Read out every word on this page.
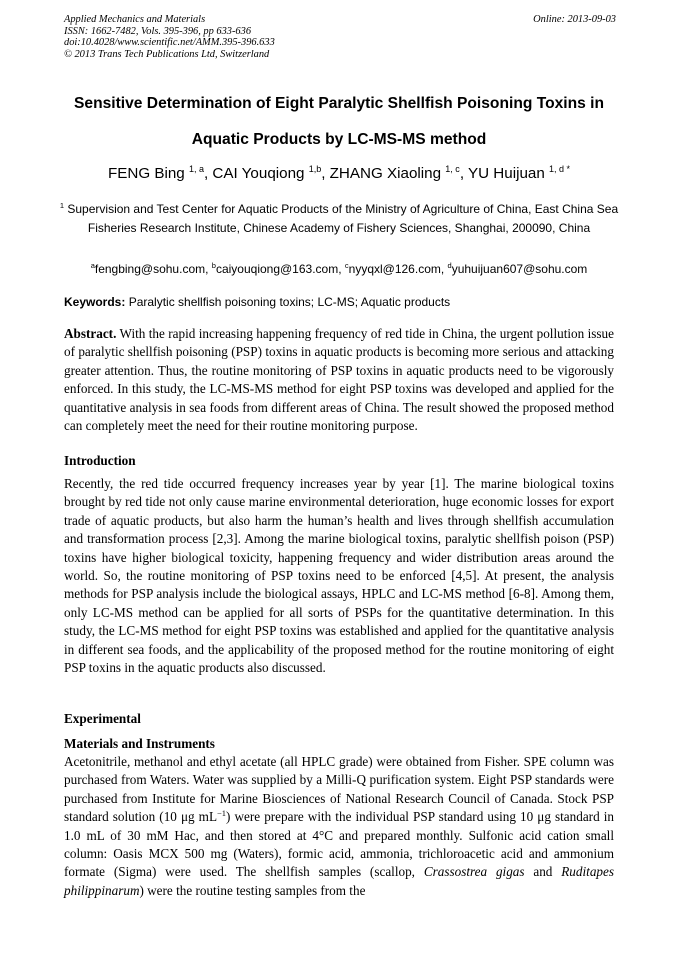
Applied Mechanics and Materials
ISSN: 1662-7482, Vols. 395-396, pp 633-636
doi:10.4028/www.scientific.net/AMM.395-396.633
© 2013 Trans Tech Publications Ltd, Switzerland
Online: 2013-09-03
Sensitive Determination of Eight Paralytic Shellfish Poisoning Toxins in
Aquatic Products by LC-MS-MS method
FENG Bing $^{1, a}$, CAI Youqiong $^{1,b}$, ZHANG Xiaoling $^{1, c}$, YU Huijuan $^{1, d *}$
$^1$ Supervision and Test Center for Aquatic Products of the Ministry of Agriculture of China, East China Sea Fisheries Research Institute, Chinese Academy of Fishery Sciences, Shanghai, 200090, China
$^a$fengbing@sohu.com, $^b$caiyouqiong@163.com, $^c$nyyqxl@126.com, $^d$yuhuijuan607@sohu.com
Keywords: Paralytic shellfish poisoning toxins; LC-MS; Aquatic products
Abstract. With the rapid increasing happening frequency of red tide in China, the urgent pollution issue of paralytic shellfish poisoning (PSP) toxins in aquatic products is becoming more serious and attacking greater attention. Thus, the routine monitoring of PSP toxins in aquatic products need to be vigorously enforced. In this study, the LC-MS-MS method for eight PSP toxins was developed and applied for the quantitative analysis in sea foods from different areas of China. The result showed the proposed method can completely meet the need for their routine monitoring purpose.
Introduction
Recently, the red tide occurred frequency increases year by year [1]. The marine biological toxins brought by red tide not only cause marine environmental deterioration, huge economic losses for export trade of aquatic products, but also harm the human’s health and lives through shellfish accumulation and transformation process [2,3]. Among the marine biological toxins, paralytic shellfish poison (PSP) toxins have higher biological toxicity, happening frequency and wider distribution areas around the world. So, the routine monitoring of PSP toxins need to be enforced [4,5]. At present, the analysis methods for PSP analysis include the biological assays, HPLC and LC-MS method [6-8]. Among them, only LC-MS method can be applied for all sorts of PSPs for the quantitative determination. In this study, the LC-MS method for eight PSP toxins was established and applied for the quantitative analysis in different sea foods, and the applicability of the proposed method for the routine monitoring of eight PSP toxins in the aquatic products also discussed.
Experimental
Materials and Instruments
Acetonitrile, methanol and ethyl acetate (all HPLC grade) were obtained from Fisher. SPE column was purchased from Waters. Water was supplied by a Milli-Q purification system. Eight PSP standards were purchased from Institute for Marine Biosciences of National Research Council of Canada. Stock PSP standard solution (10 μg $mL^{-1}$) were prepare with the individual PSP standard using 10 μg standard in 1.0 mL of 30 mM Hac, and then stored at 4°C and prepared monthly. Sulfonic acid cation small column: Oasis MCX 500 mg (Waters), formic acid, ammonia, trichloroacetic acid and ammonium formate (Sigma) were used. The shellfish samples (scallop, Crassostrea gigas and Ruditapes philippinarum) were the routine testing samples from the
